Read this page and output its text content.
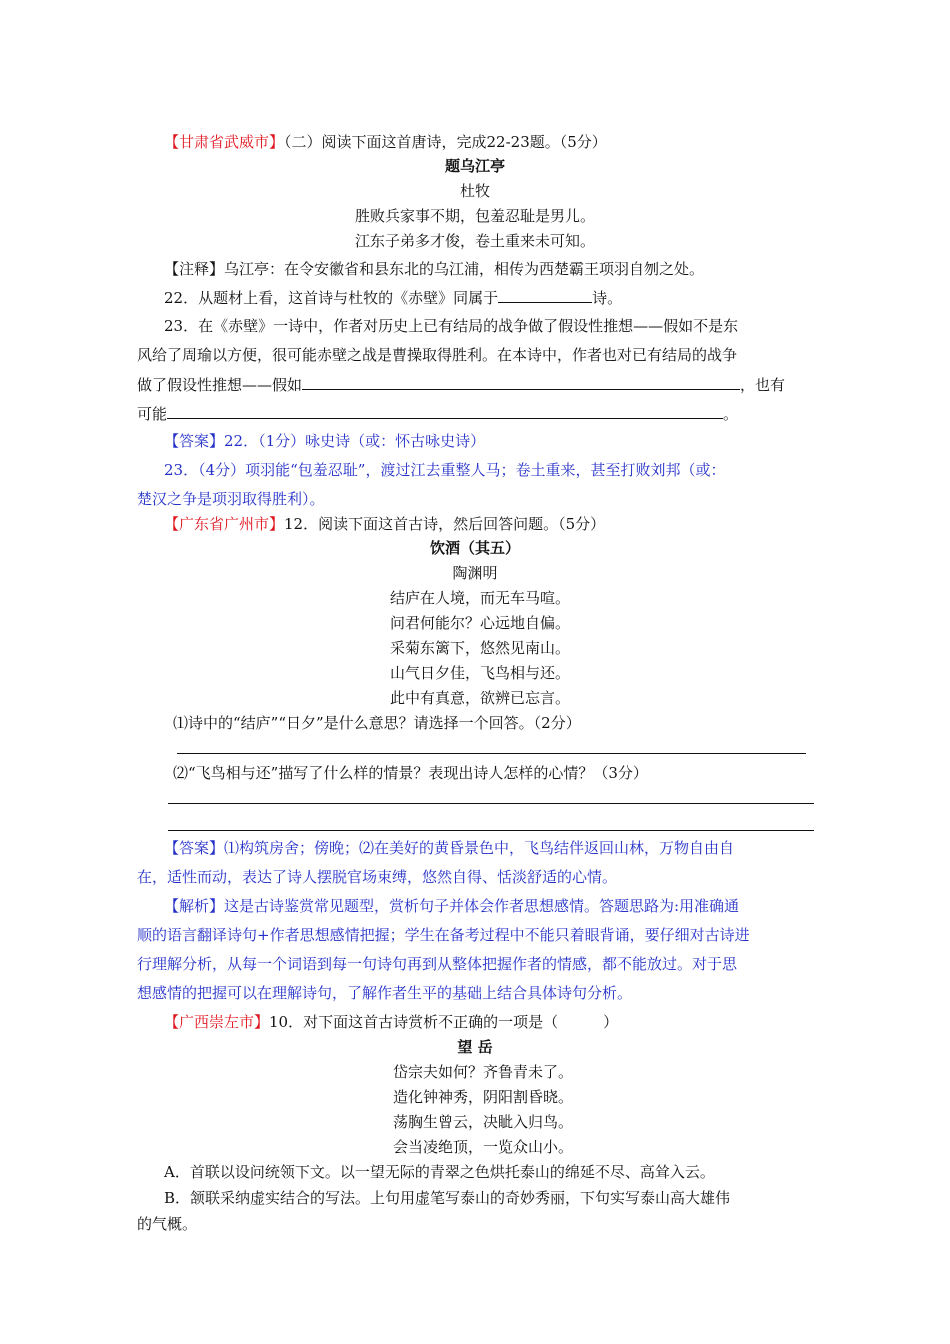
【甘肃省武威市】（二）阅读下面这首唐诗，完成22-23题。（5分）
题乌江亭
杜牧
胜败兵家事不期，包羞忍耻是男儿。
江东子弟多才俊，卷土重来未可知。
【注释】乌江亭：在令安徽省和县东北的乌江浦，相传为西楚霸王项羽自刎之处。
22．从题材上看，这首诗与杜牧的《赤壁》同属于	诗。
23．在《赤壁》一诗中，作者对历史上已有结局的战争做了假设性推想——假如不是东
风给了周瑜以方便，很可能赤壁之战是曹操取得胜利。在本诗中，作者也对已有结局的战争
做了假设性推想——假如	，也有
可能	。
【答案】22．（1分）咏史诗（或：怀古咏史诗）
23．（4分）项羽能“包羞忍耻”，渡过江去重整人马；卷土重来，甚至打败刘邦（或：
楚汉之争是项羽取得胜利）。
【广东省广州市】12．阅读下面这首古诗，然后回答问题。（5分）
饮酒（其五）
陶渊明
结庐在人境，而无车马喧。
问君何能尔？心远地自偏。
采菊东篱下，悠然见南山。
山气日夕佳，飞鸟相与还。
此中有真意，欲辨已忘言。
⑴诗中的“结庐”“日夕”是什么意思？请选择一个回答。（2分）
⑵“飞鸟相与还”描写了什么样的情景？表现出诗人怎样的心情？（3分）
【答案】⑴构筑房舍；傍晚；⑵在美好的黄昏景色中，飞鸟结伴返回山林，万物自由自
在，适性而动，表达了诗人摆脱官场束缚，悠然自得、恬淡舒适的心情。
【解析】这是古诗鉴赏常见题型，赏析句子并体会作者思想感情。答题思路为:用准确通
顺的语言翻译诗句+作者思想感情把握；学生在备考过程中不能只着眼背诵，要仔细对古诗进
行理解分析，从每一个词语到每一句诗句再到从整体把握作者的情感，都不能放过。对于思
想感情的把握可以在理解诗句，了解作者生平的基础上结合具体诗句分析。
【广西崇左市】10．对下面这首古诗赏析不正确的一项是（　　　）
望 岳
岱宗夫如何？齐鲁青未了。
造化钟神秀，阴阳割昏晓。
荡胸生曾云，决眦入归鸟。
会当凌绝顶，一览众山小。
A．首联以设问统领下文。以一望无际的青翠之色烘托泰山的绵延不尽、高耸入云。
B．颔联采纳虚实结合的写法。上句用虚笔写泰山的奇妙秀丽，下句实写泰山高大雄伟
的气概。
